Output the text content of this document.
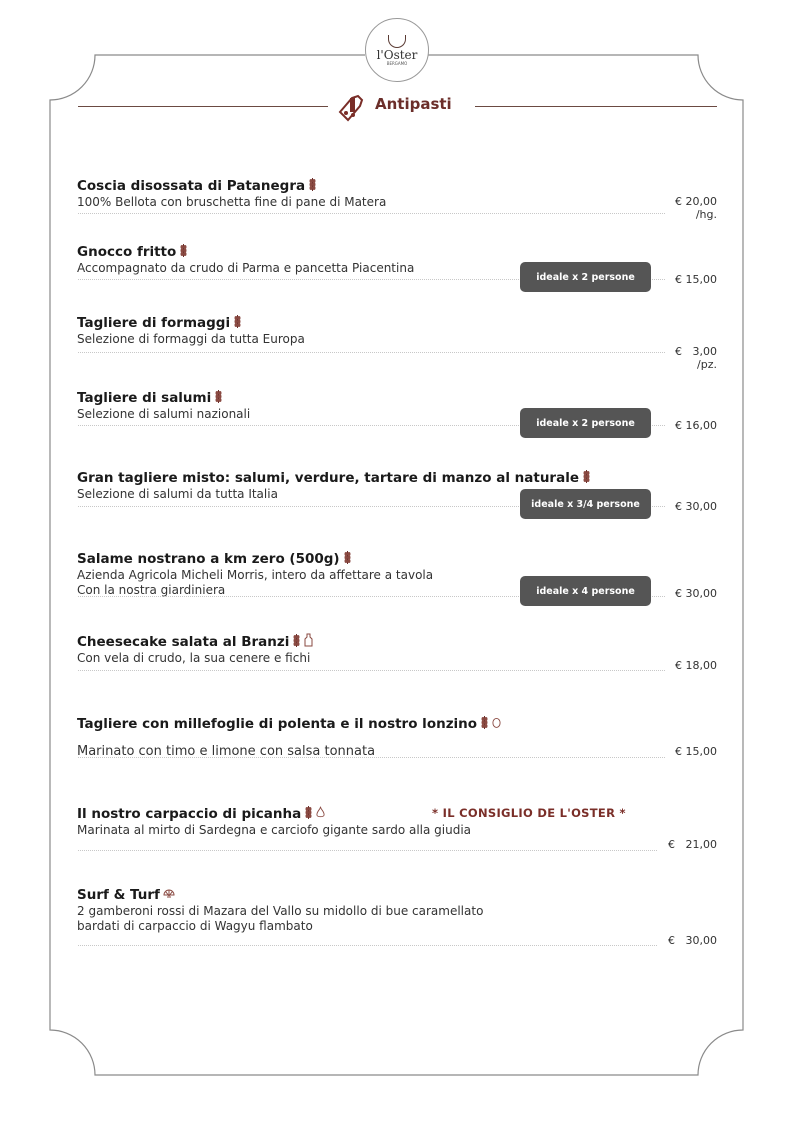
l'Oster
BERGAMO
Antipasti
* IL CONSIGLIO DE L'OSTER *
Coscia disossata di Patanegra
100% Bellota con bruschetta fine di pane di Matera	€ 20,00
/hg.
Gnocco fritto
Accompagnato da crudo di Parma e pancetta Piacentina
€ 15,00
ideale x 2 persone
Tagliere di formaggi
Selezione di formaggi da tutta Europa
€   3,00
/pz.
Tagliere di salumi
Selezione di salumi nazionali
€ 16,00
ideale x 2 persone
Gran tagliere misto: salumi, verdure, tartare di manzo al naturale
Selezione di salumi da tutta Italia
€ 30,00
ideale x 3/4 persone
Salame nostrano a km zero (500g)
Azienda Agricola Micheli Morris, intero da affettare a tavola
Con la nostra giardiniera	€ 30,00
ideale x 4 persone
Cheesecake salata al Branzi
Con vela di crudo, la sua cenere e fichi
€ 18,00
Tagliere con millefoglie di polenta e il nostro lonzino
Marinato con timo e limone con salsa tonnata	€ 15,00
Il nostro carpaccio di picanha
Marinata al mirto di Sardegna e carciofo gigante sardo alla giudia
€   21,00
Surf & Turf
2 gamberoni rossi di Mazara del Vallo su midollo di bue caramellato
bardati di carpaccio di Wagyu flambato
€   30,00
